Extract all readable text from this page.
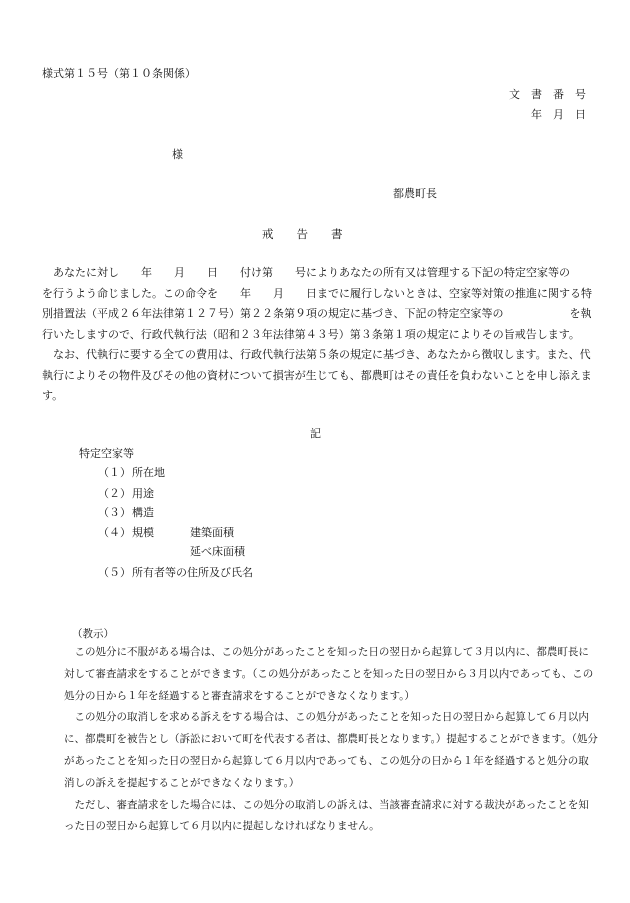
様式第１５号（第１０条関係）
文　書　番　号
年　月　日
様
都農町長
戒　　告　　書

あなたに対し　　年　　月　　日　　付け第　　号によりあなたの所有又は管理する下記の特定空家等の　　を行うよう命じました。この命令を　　年　　月　　日までに履行しないときは、空家等対策の推進に関する特別措置法（平成２６年法律第１２７号）第２２条第９項の規定に基づき、下記の特定空家等の　　　　　　を執行いたしますので、行政代執行法（昭和２３年法律第４３号）第３条第１項の規定によりその旨戒告します。

なお、代執行に要する全ての費用は、行政代執行法第５条の規定に基づき、あなたから徴収します。また、代執行によりその物件及びその他の資材について損害が生じても、都農町はその責任を負わないことを申し添えます。

記
特定空家等
（１） 所在地
（２） 用途
（３） 構造
（４） 規模	建築面積
延べ床面積
（５） 所有者等の住所及び氏名
（教示）

この処分に不服がある場合は、この処分があったことを知った日の翌日から起算して３月以内に、都農町長に対して審査請求をすることができます。（この処分があったことを知った日の翌日から３月以内であっても、この処分の日から１年を経過すると審査請求をすることができなくなります。）

この処分の取消しを求める訴えをする場合は、この処分があったことを知った日の翌日から起算して６月以内に、都農町を被告とし（訴訟において町を代表する者は、都農町長となります。）提起することができます。（処分があったことを知った日の翌日から起算して６月以内であっても、この処分の日から１年を経過すると処分の取消しの訴えを提起することができなくなります。）

ただし、審査請求をした場合には、この処分の取消しの訴えは、当該審査請求に対する裁決があったことを知った日の翌日から起算して６月以内に提起しなければなりません。
